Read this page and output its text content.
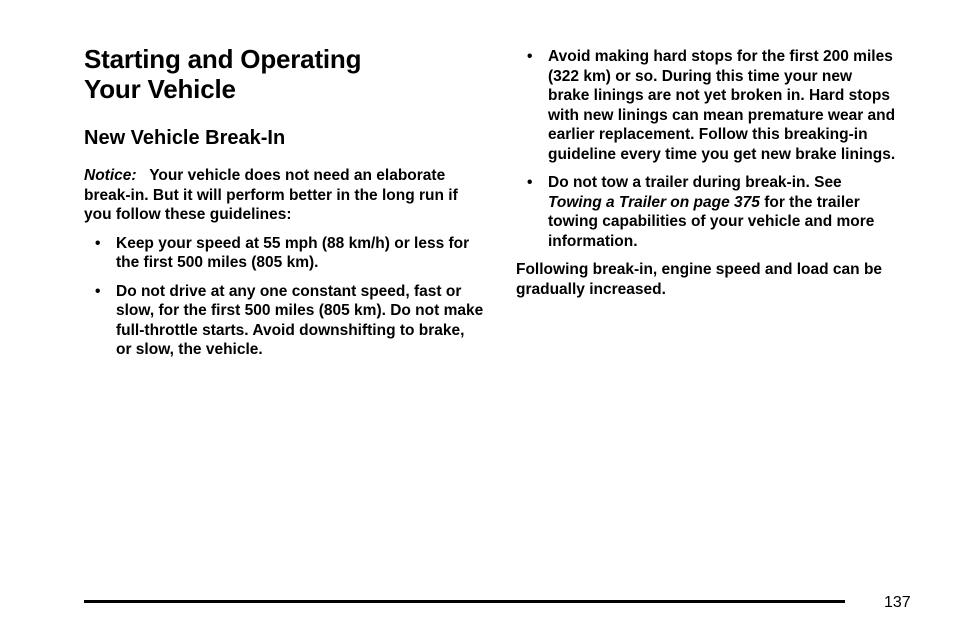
Starting and Operating
Your Vehicle
New Vehicle Break-In

Notice: Your vehicle does not need an elaborate break-in. But it will perform better in the long run if you follow these guidelines:

• Keep your speed at 55 mph (88 km/h) or less for the first 500 miles (805 km).
• Do not drive at any one constant speed, fast or slow, for the first 500 miles (805 km). Do not make full-throttle starts. Avoid downshifting to brake, or slow, the vehicle.
• Avoid making hard stops for the first 200 miles (322 km) or so. During this time your new brake linings are not yet broken in. Hard stops with new linings can mean premature wear and earlier replacement. Follow this breaking-in guideline every time you get new brake linings.
• Do not tow a trailer during break-in. See Towing a Trailer on page 375 for the trailer towing capabilities of your vehicle and more information.

Following break-in, engine speed and load can be gradually increased.

137
